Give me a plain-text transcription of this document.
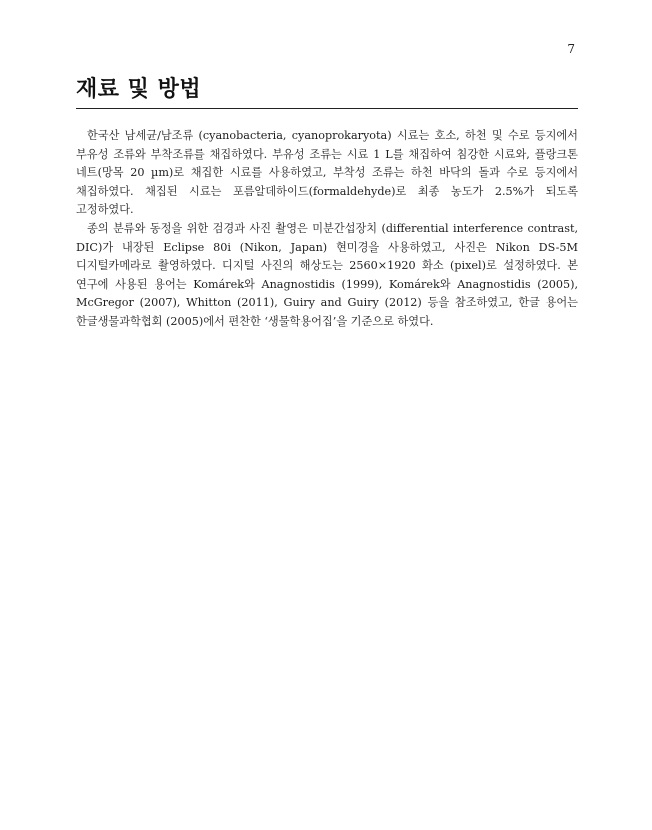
7
재료 및 방법

한국산 남세균/남조류 (cyanobacteria, cyanoprokaryota) 시료는 호소, 하천 및 수로 등지에서 부유성 조류와 부착조류를 채집하였다. 부유성 조류는 시료 1 L를 채집하여 침강한 시료와, 플랑크톤 네트(망목 20 µm)로 채집한 시료를 사용하였고, 부착성 조류는 하천 바닥의 돌과 수로 등지에서 채집하였다. 채집된 시료는 포름알데하이드(formaldehyde)로 최종 농도가 2.5%가 되도록 고정하였다.

종의 분류와 동정을 위한 검경과 사진 촬영은 미분간섭장치 (differential interference contrast, DIC)가 내장된 Eclipse 80i (Nikon, Japan) 현미경을 사용하였고, 사진은 Nikon DS-5M 디지털카메라로 촬영하였다. 디지털 사진의 해상도는 2560×1920 화소 (pixel)로 설정하였다. 본 연구에 사용된 용어는 Komárek와 Anagnostidis (1999), Komárek와 Anagnostidis (2005), McGregor (2007), Whitton (2011), Guiry and Guiry (2012) 등을 참조하였고, 한글 용어는 한글생물과학협회 (2005)에서 편찬한 ‘생물학용어집’을 기준으로 하였다.
